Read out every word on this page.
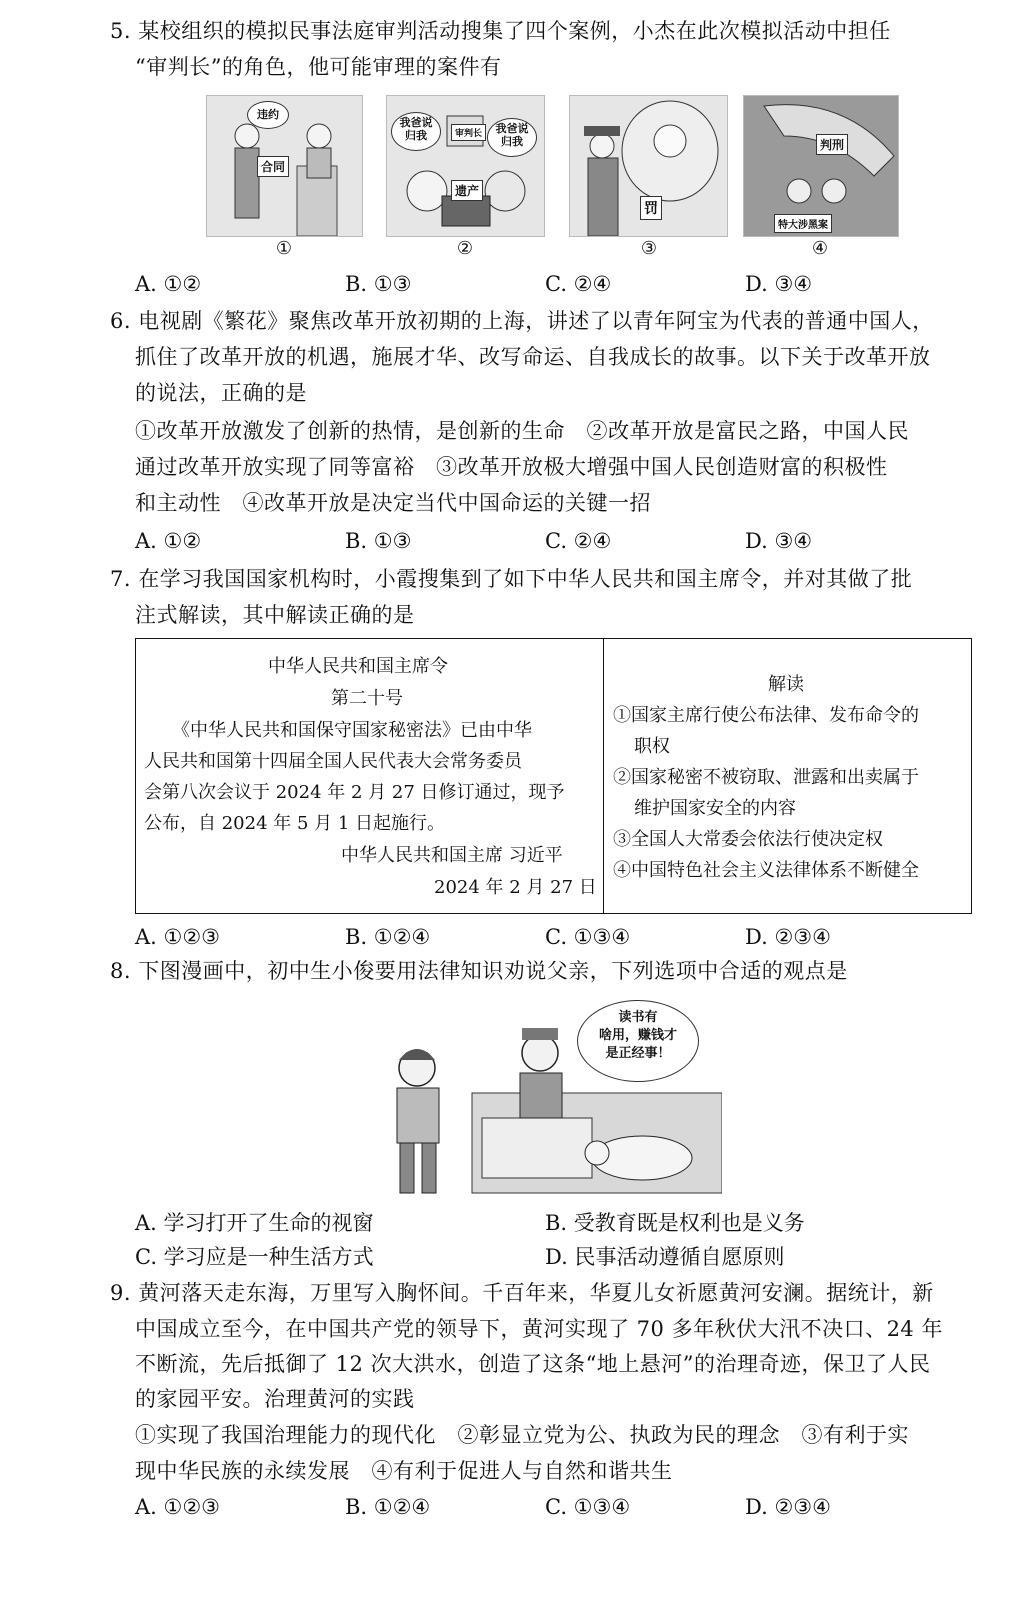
5. 某校组织的模拟民事法庭审判活动搜集了四个案例，小杰在此次模拟活动中担任
“审判长”的角色，他可能审理的案件有
违约
合同
①
我爸说
归我
我爸说
归我
审判长
遗产
②
罚
③
判刑
特大涉黑案
④
A. ①②	B. ①③	C. ②④	D. ③④
6. 电视剧《繁花》聚焦改革开放初期的上海，讲述了以青年阿宝为代表的普通中国人，
抓住了改革开放的机遇，施展才华、改写命运、自我成长的故事。以下关于改革开放
的说法，正确的是
①改革开放激发了创新的热情，是创新的生命　②改革开放是富民之路，中国人民
通过改革开放实现了同等富裕　③改革开放极大增强中国人民创造财富的积极性
和主动性　④改革开放是决定当代中国命运的关键一招
A. ①②	B. ①③	C. ②④	D. ③④
7. 在学习我国国家机构时，小霞搜集到了如下中华人民共和国主席令，并对其做了批
注式解读，其中解读正确的是
中华人民共和国主席令
第二十号
《中华人民共和国保守国家秘密法》已由中华
人民共和国第十四届全国人民代表大会常务委员
会第八次会议于 2024 年 2 月 27 日修订通过，现予
公布，自 2024 年 5 月 1 日起施行。
中华人民共和国主席 习近平
2024 年 2 月 27 日
解读
①国家主席行使公布法律、发布命令的
职权
②国家秘密不被窃取、泄露和出卖属于
维护国家安全的内容
③全国人大常委会依法行使决定权
④中国特色社会主义法律体系不断健全
A. ①②③	B. ①②④	C. ①③④	D. ②③④
8. 下图漫画中，初中生小俊要用法律知识劝说父亲，下列选项中合适的观点是
读书有
啥用，赚钱才
是正经事！
A. 学习打开了生命的视窗	B. 受教育既是权利也是义务
C. 学习应是一种生活方式	D. 民事活动遵循自愿原则
9. 黄河落天走东海，万里写入胸怀间。千百年来，华夏儿女祈愿黄河安澜。据统计，新
中国成立至今，在中国共产党的领导下，黄河实现了 70 多年秋伏大汛不决口、24 年
不断流，先后抵御了 12 次大洪水，创造了这条“地上悬河”的治理奇迹，保卫了人民
的家园平安。治理黄河的实践
①实现了我国治理能力的现代化　②彰显立党为公、执政为民的理念　③有利于实
现中华民族的永续发展　④有利于促进人与自然和谐共生
A. ①②③	B. ①②④	C. ①③④	D. ②③④
